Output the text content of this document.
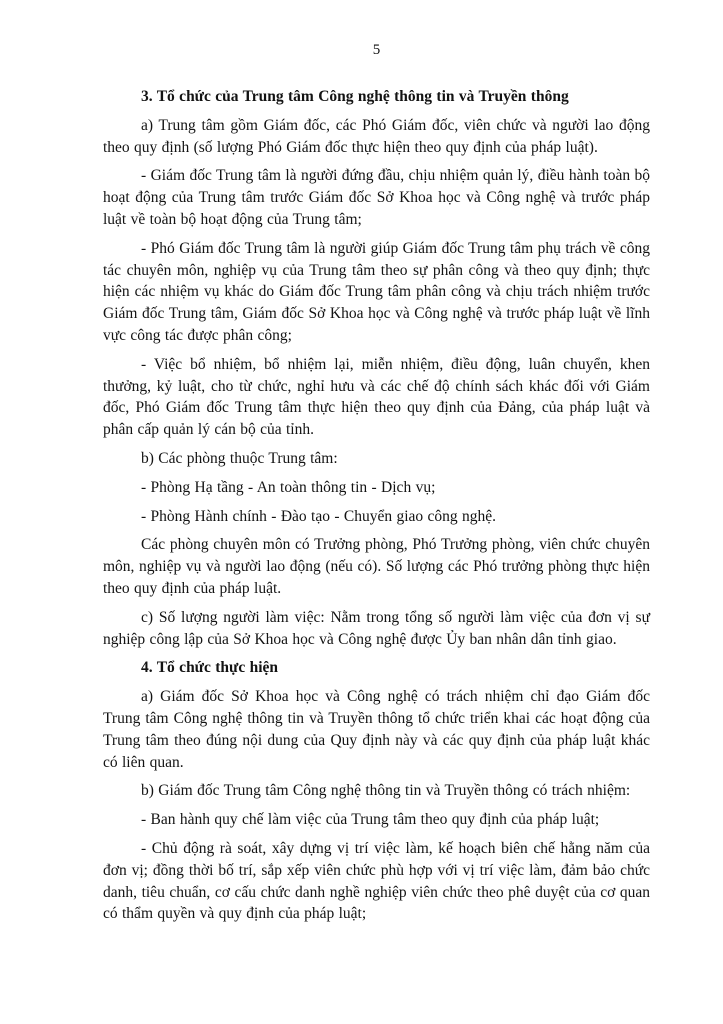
5

3. Tổ chức của Trung tâm Công nghệ thông tin và Truyền thông

a) Trung tâm gồm Giám đốc, các Phó Giám đốc, viên chức và người lao động theo quy định (số lượng Phó Giám đốc thực hiện theo quy định của pháp luật).

- Giám đốc Trung tâm là người đứng đầu, chịu nhiệm quản lý, điều hành toàn bộ hoạt động của Trung tâm trước Giám đốc Sở Khoa học và Công nghệ và trước pháp luật về toàn bộ hoạt động của Trung tâm;

- Phó Giám đốc Trung tâm là người giúp Giám đốc Trung tâm phụ trách về công tác chuyên môn, nghiệp vụ của Trung tâm theo sự phân công và theo quy định; thực hiện các nhiệm vụ khác do Giám đốc Trung tâm phân công và chịu trách nhiệm trước Giám đốc Trung tâm, Giám đốc Sở Khoa học và Công nghệ và trước pháp luật về lĩnh vực công tác được phân công;

- Việc bổ nhiệm, bổ nhiệm lại, miễn nhiệm, điều động, luân chuyển, khen thưởng, kỷ luật, cho từ chức, nghỉ hưu và các chế độ chính sách khác đối với Giám đốc, Phó Giám đốc Trung tâm thực hiện theo quy định của Đảng, của pháp luật và phân cấp quản lý cán bộ của tỉnh.

b) Các phòng thuộc Trung tâm:

- Phòng Hạ tầng - An toàn thông tin - Dịch vụ;

- Phòng Hành chính - Đào tạo - Chuyển giao công nghệ.

Các phòng chuyên môn có Trưởng phòng, Phó Trưởng phòng, viên chức chuyên môn, nghiệp vụ và người lao động (nếu có). Số lượng các Phó trưởng phòng thực hiện theo quy định của pháp luật.

c) Số lượng người làm việc: Nằm trong tổng số người làm việc của đơn vị sự nghiệp công lập của Sở Khoa học và Công nghệ được Ủy ban nhân dân tỉnh giao.

4. Tổ chức thực hiện

a) Giám đốc Sở Khoa học và Công nghệ có trách nhiệm chỉ đạo Giám đốc Trung tâm Công nghệ thông tin và Truyền thông tổ chức triển khai các hoạt động của Trung tâm theo đúng nội dung của Quy định này và các quy định của pháp luật khác có liên quan.

b) Giám đốc Trung tâm Công nghệ thông tin và Truyền thông có trách nhiệm:

- Ban hành quy chế làm việc của Trung tâm theo quy định của pháp luật;

- Chủ động rà soát, xây dựng vị trí việc làm, kế hoạch biên chế hằng năm của đơn vị; đồng thời bố trí, sắp xếp viên chức phù hợp với vị trí việc làm, đảm bảo chức danh, tiêu chuẩn, cơ cấu chức danh nghề nghiệp viên chức theo phê duyệt của cơ quan có thẩm quyền và quy định của pháp luật;
